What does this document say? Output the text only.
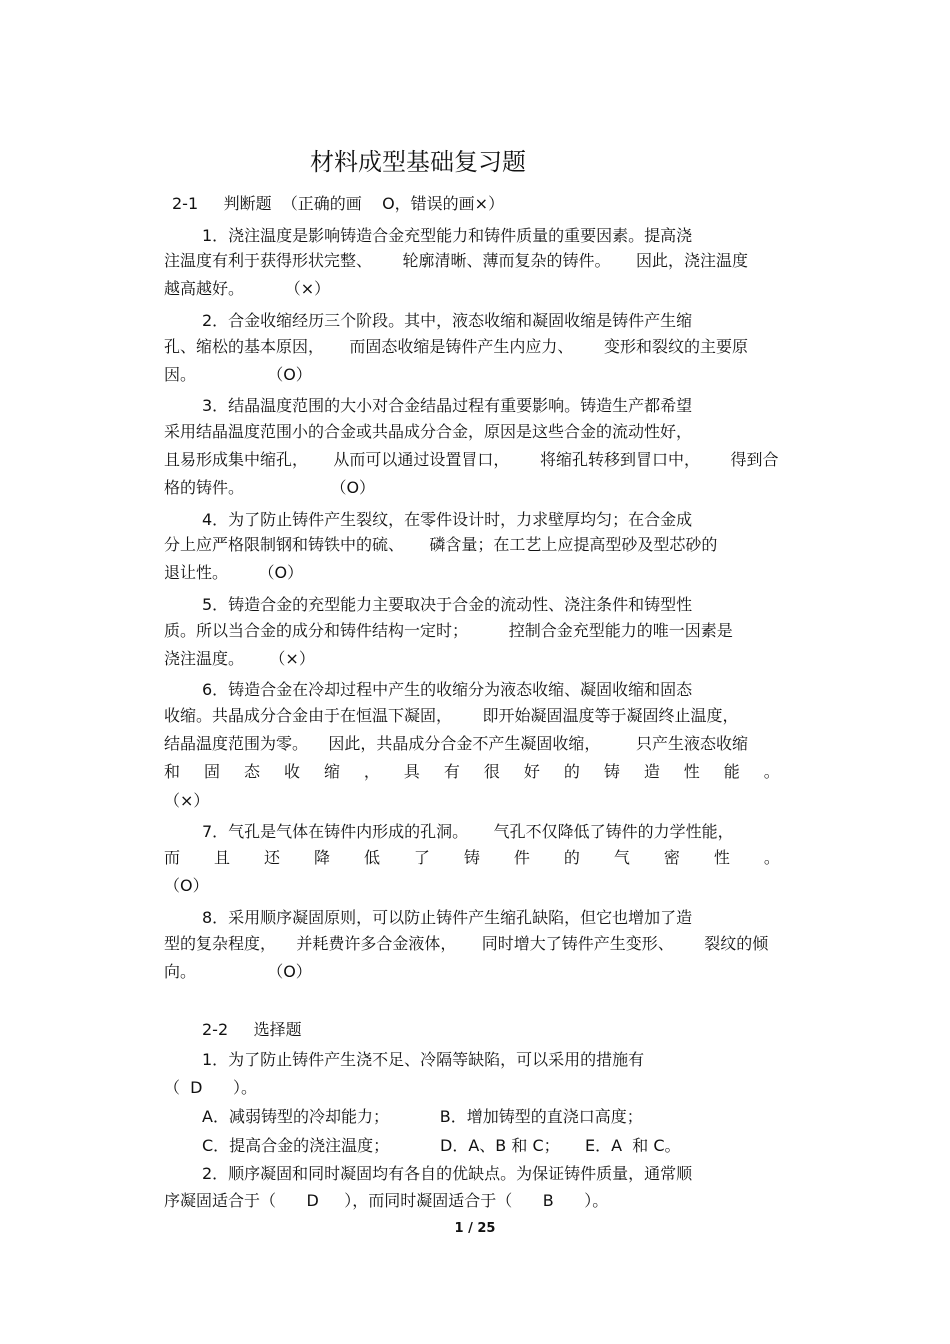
材料成型基础复习题
2-1     判断题  （正确的画    O，错误的画×）
1．浇注温度是影响铸造合金充型能力和铸件质量的重要因素。提高浇
注温度有利于获得形状完整、      轮廓清晰、薄而复杂的铸件。     因此，浇注温度
越高越好。        （×）
2．合金收缩经历三个阶段。其中，液态收缩和凝固收缩是铸件产生缩
孔、缩松的基本原因，     而固态收缩是铸件产生内应力、      变形和裂纹的主要原
因。              （O）
3．结晶温度范围的大小对合金结晶过程有重要影响。铸造生产都希望
采用结晶温度范围小的合金或共晶成分合金，原因是这些合金的流动性好，
且易形成集中缩孔，     从而可以通过设置冒口，      将缩孔转移到冒口中，      得到合
格的铸件。                 （O）
4．为了防止铸件产生裂纹，在零件设计时，力求壁厚均匀；在合金成
分上应严格限制钢和铸铁中的硫、     磷含量；在工艺上应提高型砂及型芯砂的
退让性。      （O）
5．铸造合金的充型能力主要取决于合金的流动性、浇注条件和铸型性
质。所以当合金的成分和铸件结构一定时；        控制合金充型能力的唯一因素是
浇注温度。     （×）
6．铸造合金在冷却过程中产生的收缩分为液态收缩、凝固收缩和固态
收缩。共晶成分合金由于在恒温下凝固，      即开始凝固温度等于凝固终止温度，
结晶温度范围为零。    因此，共晶成分合金不产生凝固收缩，       只产生液态收缩
和 固 态 收 缩 ， 具 有 很 好 的 铸 造 性 能 。
（×）
7．气孔是气体在铸件内形成的孔洞。     气孔不仅降低了铸件的力学性能，
而 且 还 降 低 了 铸 件 的 气 密 性 。
（O）
8．采用顺序凝固原则，可以防止铸件产生缩孔缺陷，但它也增加了造
型的复杂程度，    并耗费许多合金液体，     同时增大了铸件产生变形、      裂纹的倾
向。              （O）
2-2     选择题
1．为了防止铸件产生浇不足、冷隔等缺陷，可以采用的措施有
（  D      ）。
A．减弱铸型的冷却能力；          B．增加铸型的直浇口高度；
C．提高合金的浇注温度；          D．A、B 和 C；     E．A  和 C。
2．顺序凝固和同时凝固均有各自的优缺点。为保证铸件质量，通常顺
序凝固适合于（      D     ），而同时凝固适合于（      B      ）。
1 / 25
